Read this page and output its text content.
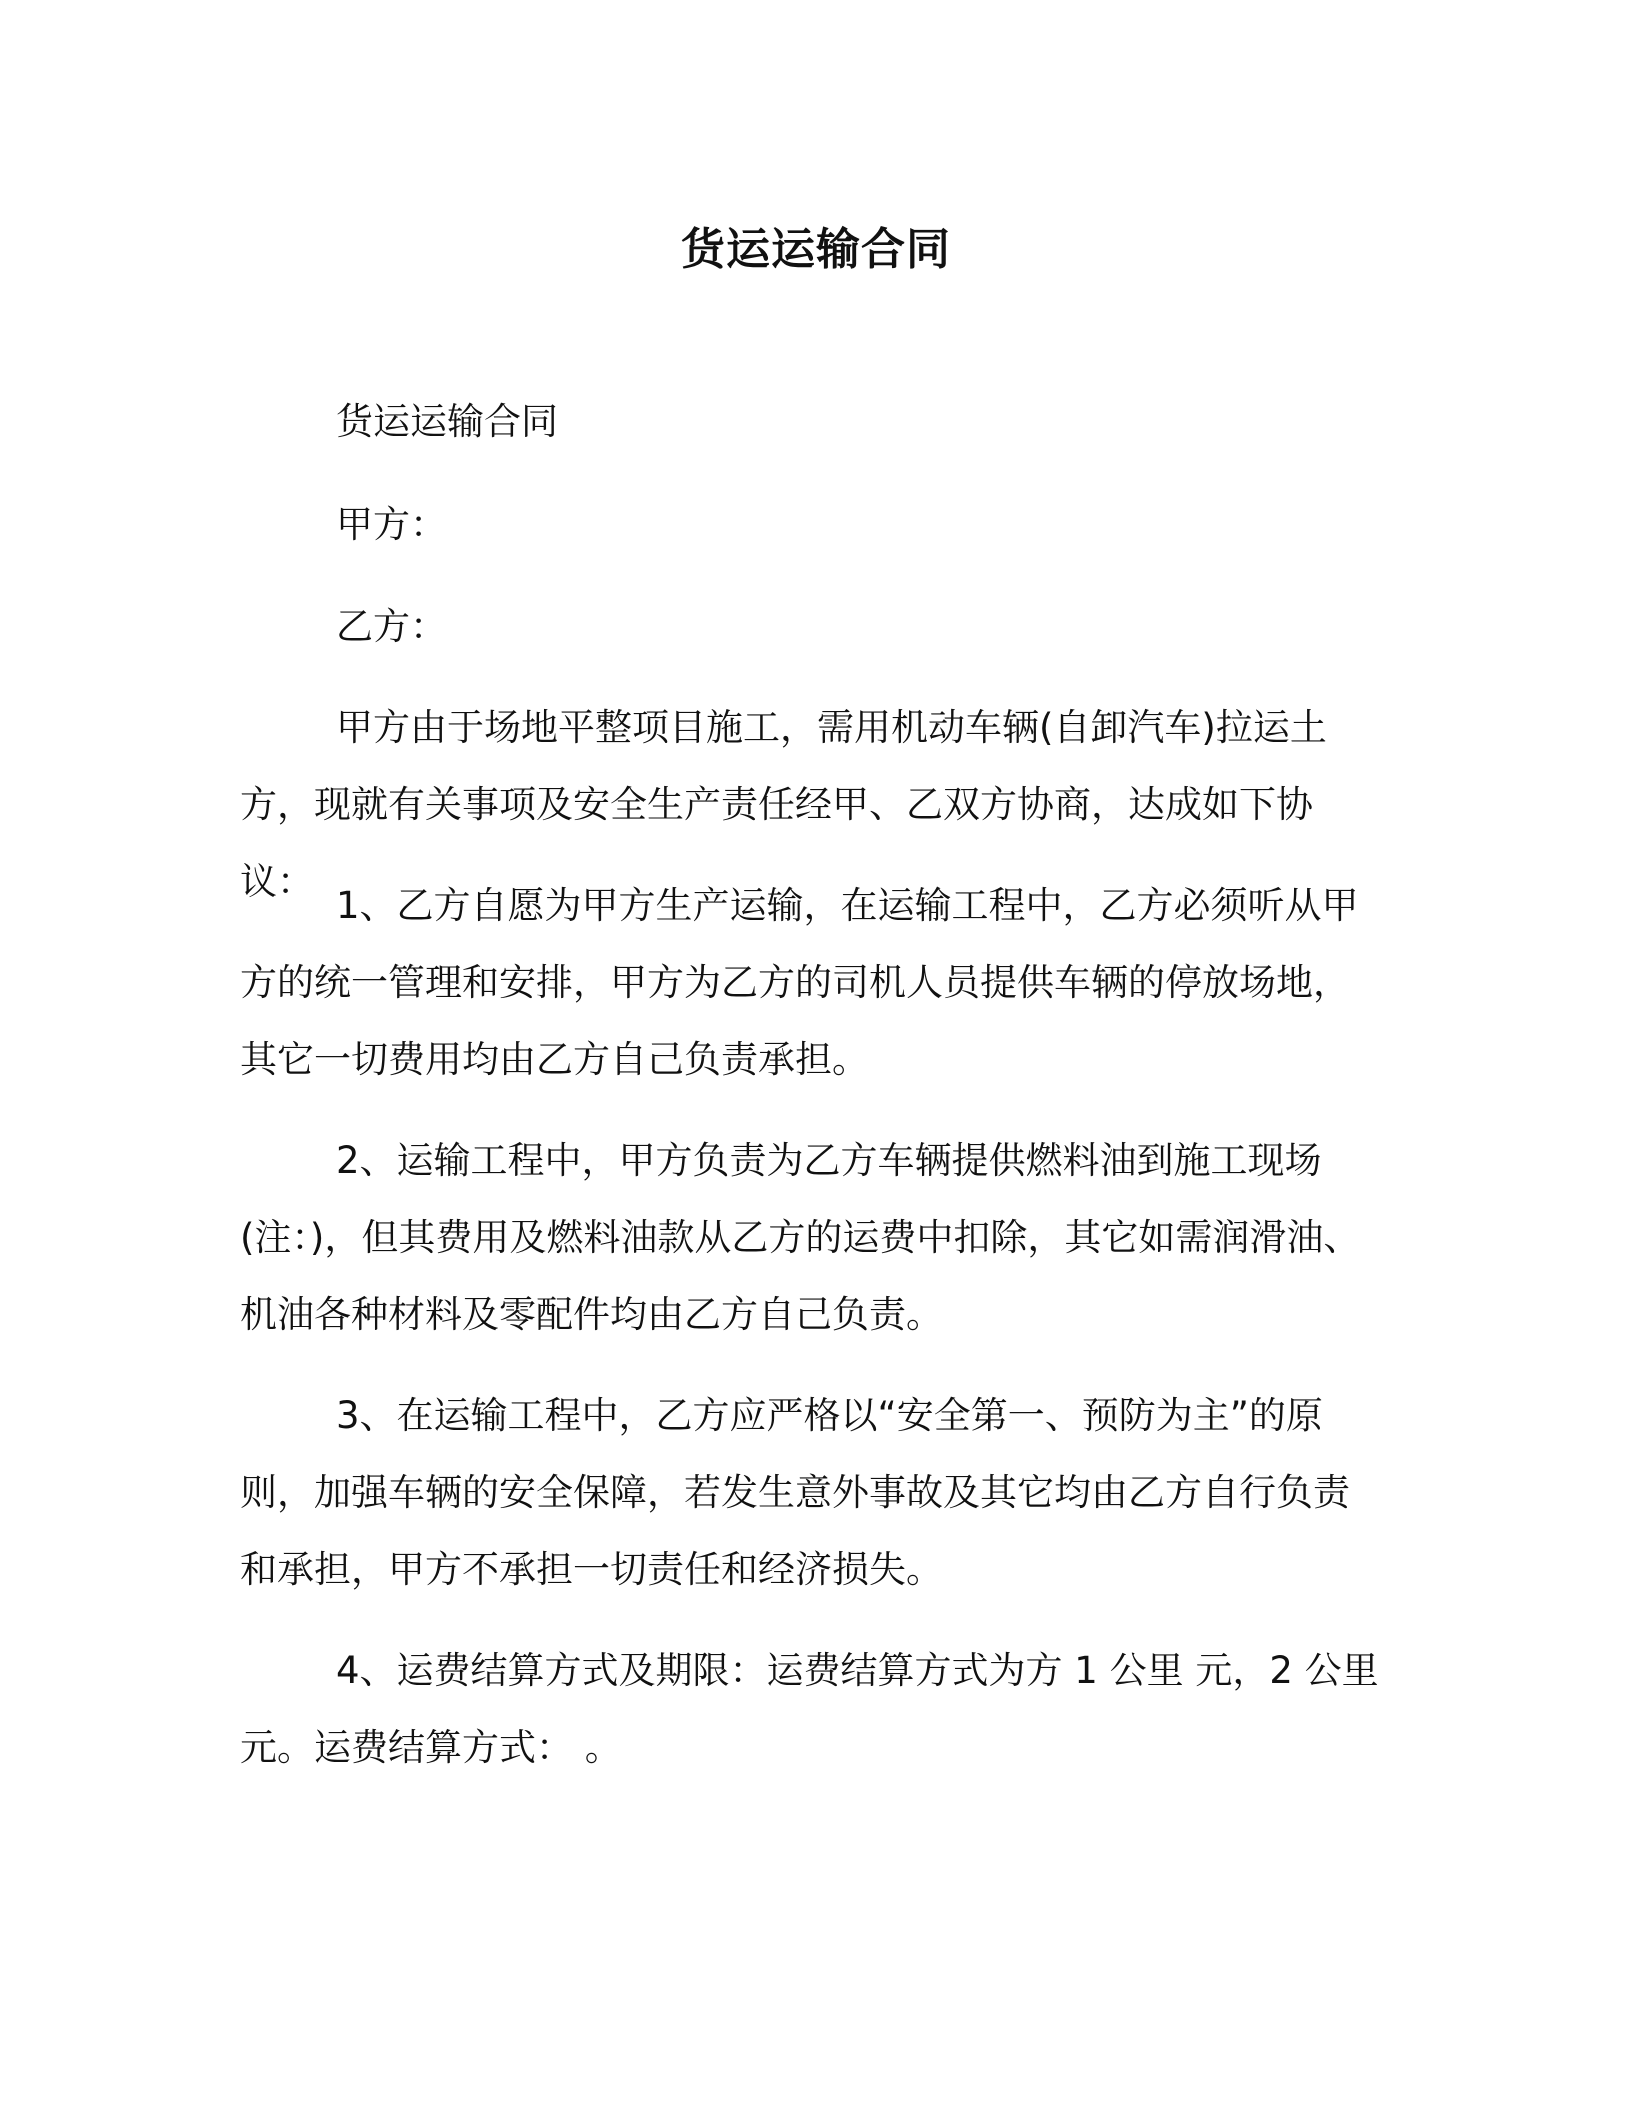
货运运输合同
货运运输合同
甲方：
乙方：

甲方由于场地平整项目施工，需用机动车辆(自卸汽车)拉运土方，现就有关事项及安全生产责任经甲、乙双方协商，达成如下协议：

1、乙方自愿为甲方生产运输，在运输工程中，乙方必须听从甲方的统一管理和安排，甲方为乙方的司机人员提供车辆的停放场地，其它一切费用均由乙方自己负责承担。

2、运输工程中，甲方负责为乙方车辆提供燃料油到施工现场(注：)，但其费用及燃料油款从乙方的运费中扣除，其它如需润滑油、机油各种材料及零配件均由乙方自己负责。

3、在运输工程中，乙方应严格以“安全第一、预防为主”的原则，加强车辆的安全保障，若发生意外事故及其它均由乙方自行负责和承担，甲方不承担一切责任和经济损失。

4、运费结算方式及期限：运费结算方式为方 1 公里 元，2 公里 元。运费结算方式： 。
